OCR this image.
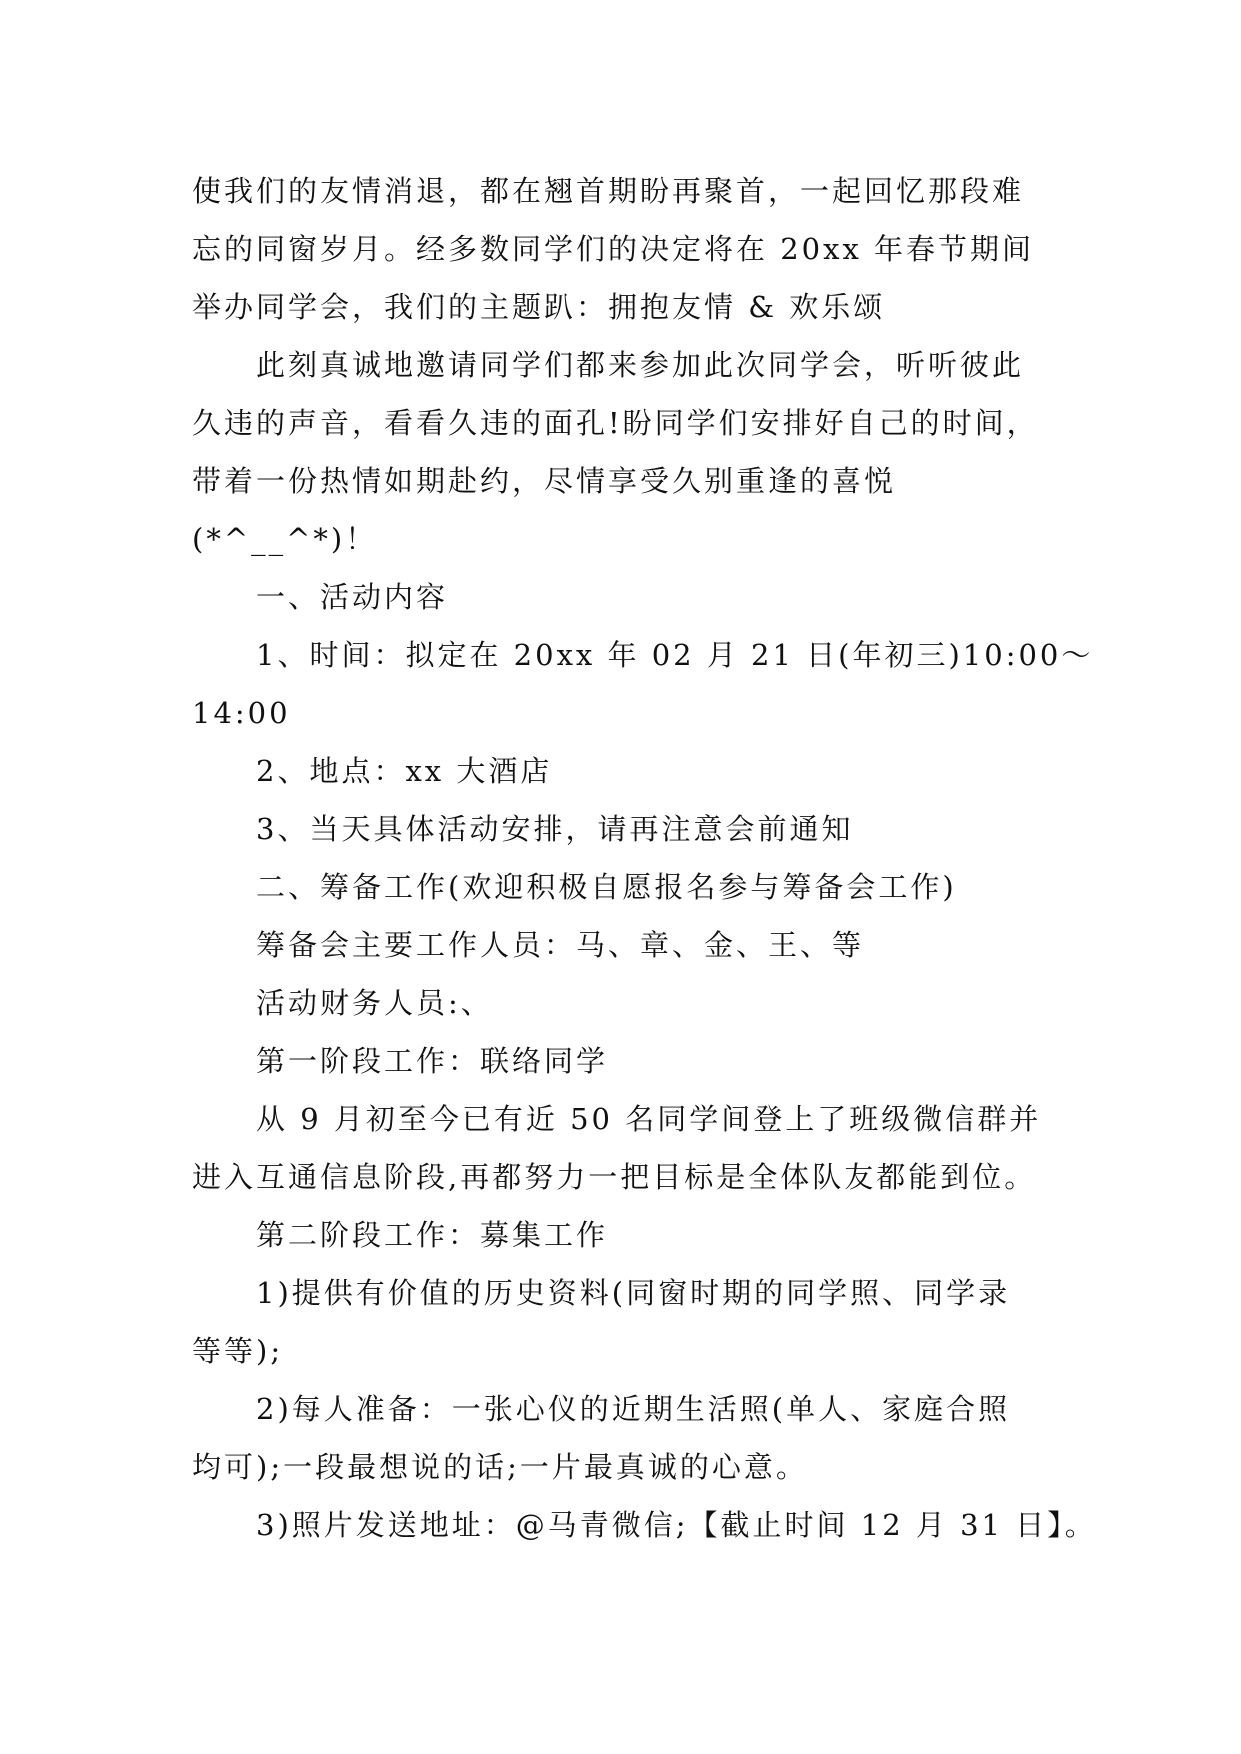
使我们的友情消退，都在翘首期盼再聚首，一起回忆那段难
忘的同窗岁月。经多数同学们的决定将在 20xx 年春节期间
举办同学会，我们的主题趴：拥抱友情 & 欢乐颂
此刻真诚地邀请同学们都来参加此次同学会，听听彼此
久违的声音，看看久违的面孔!盼同学们安排好自己的时间，
带着一份热情如期赴约，尽情享受久别重逢的喜悦
(*^__^*)！
一、活动内容
1、时间：拟定在 20xx 年 02 月 21 日(年初三)10:00～
14:00
2、地点：xx 大酒店
3、当天具体活动安排，请再注意会前通知
二、筹备工作(欢迎积极自愿报名参与筹备会工作)
筹备会主要工作人员：马、章、金、王、等
活动财务人员:、
第一阶段工作：联络同学
从 9 月初至今已有近 50 名同学间登上了班级微信群并
进入互通信息阶段,再都努力一把目标是全体队友都能到位。
第二阶段工作：募集工作
1)提供有价值的历史资料(同窗时期的同学照、同学录
等等);
2)每人准备：一张心仪的近期生活照(单人、家庭合照
均可);一段最想说的话;一片最真诚的心意。
3)照片发送地址：@马青微信;【截止时间 12 月 31 日】。
